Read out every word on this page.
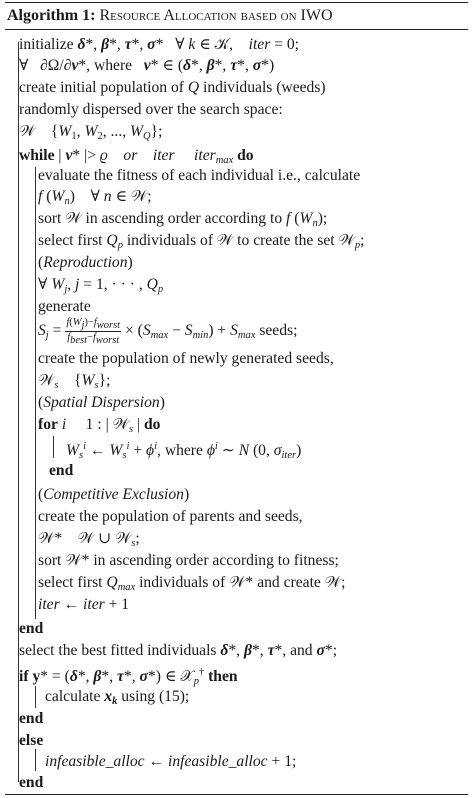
Algorithm 1: Resource Allocation based on IWO
initialize δ*, β*, τ*, σ*   ∀ k ∈ 𝒦,    iter = 0;
∀   ∂Ω/∂ν*, where   ν* ∈ (δ*, β*, τ*, σ*)
create initial population of Q individuals (weeds)
randomly dispersed over the search space:
𝒲    {$W_1$, $W_2$, ..., $W_Q$};
while | ν* |> ϱ or iter iter$_{max}$ do
evaluate the fitness of each individual i.e., calculate
f $(W_n)$    ∀ n ∈ 𝒲;
sort 𝒲 in ascending order according to f $(W_n)$;
select first $Q_p$ individuals of 𝒲 to create the set 𝒲$_p$;
(Reproduction)
∀ $W_j$, j = 1, · · · , $Q_p$
generate
$S_j = \frac{f(W_j)-f_{worst}}{f_{best}-f_{worst}} \times (S_{max} - S_{min}) + S_{max}$ seeds;
create the population of newly generated seeds,
𝒲$_s$    $\{W_s\}$;
(Spatial Dispersion)
for i     1 : | 𝒲$_s$ | do
$W_s^i$ ← $W_s^i + \phi^i$, where $\phi^i$ ∼ N (0, $\sigma_{iter}$)
end
(Competitive Exclusion)
create the population of parents and seeds,
𝒲*    𝒲 ∪ 𝒲$_s$;
sort 𝒲* in ascending order according to fitness;
select first $Q_{max}$ individuals of 𝒲* and create 𝒲;
iter ← iter + 1
end
select the best fitted individuals δ*, β*, τ*, and σ*;
if y* = (δ*, β*, τ*, σ*) ∈ 𝒳$_p$† then
calculate $x_k$ using (15);
end
else
infeasible_alloc ← infeasible_alloc + 1;
end
